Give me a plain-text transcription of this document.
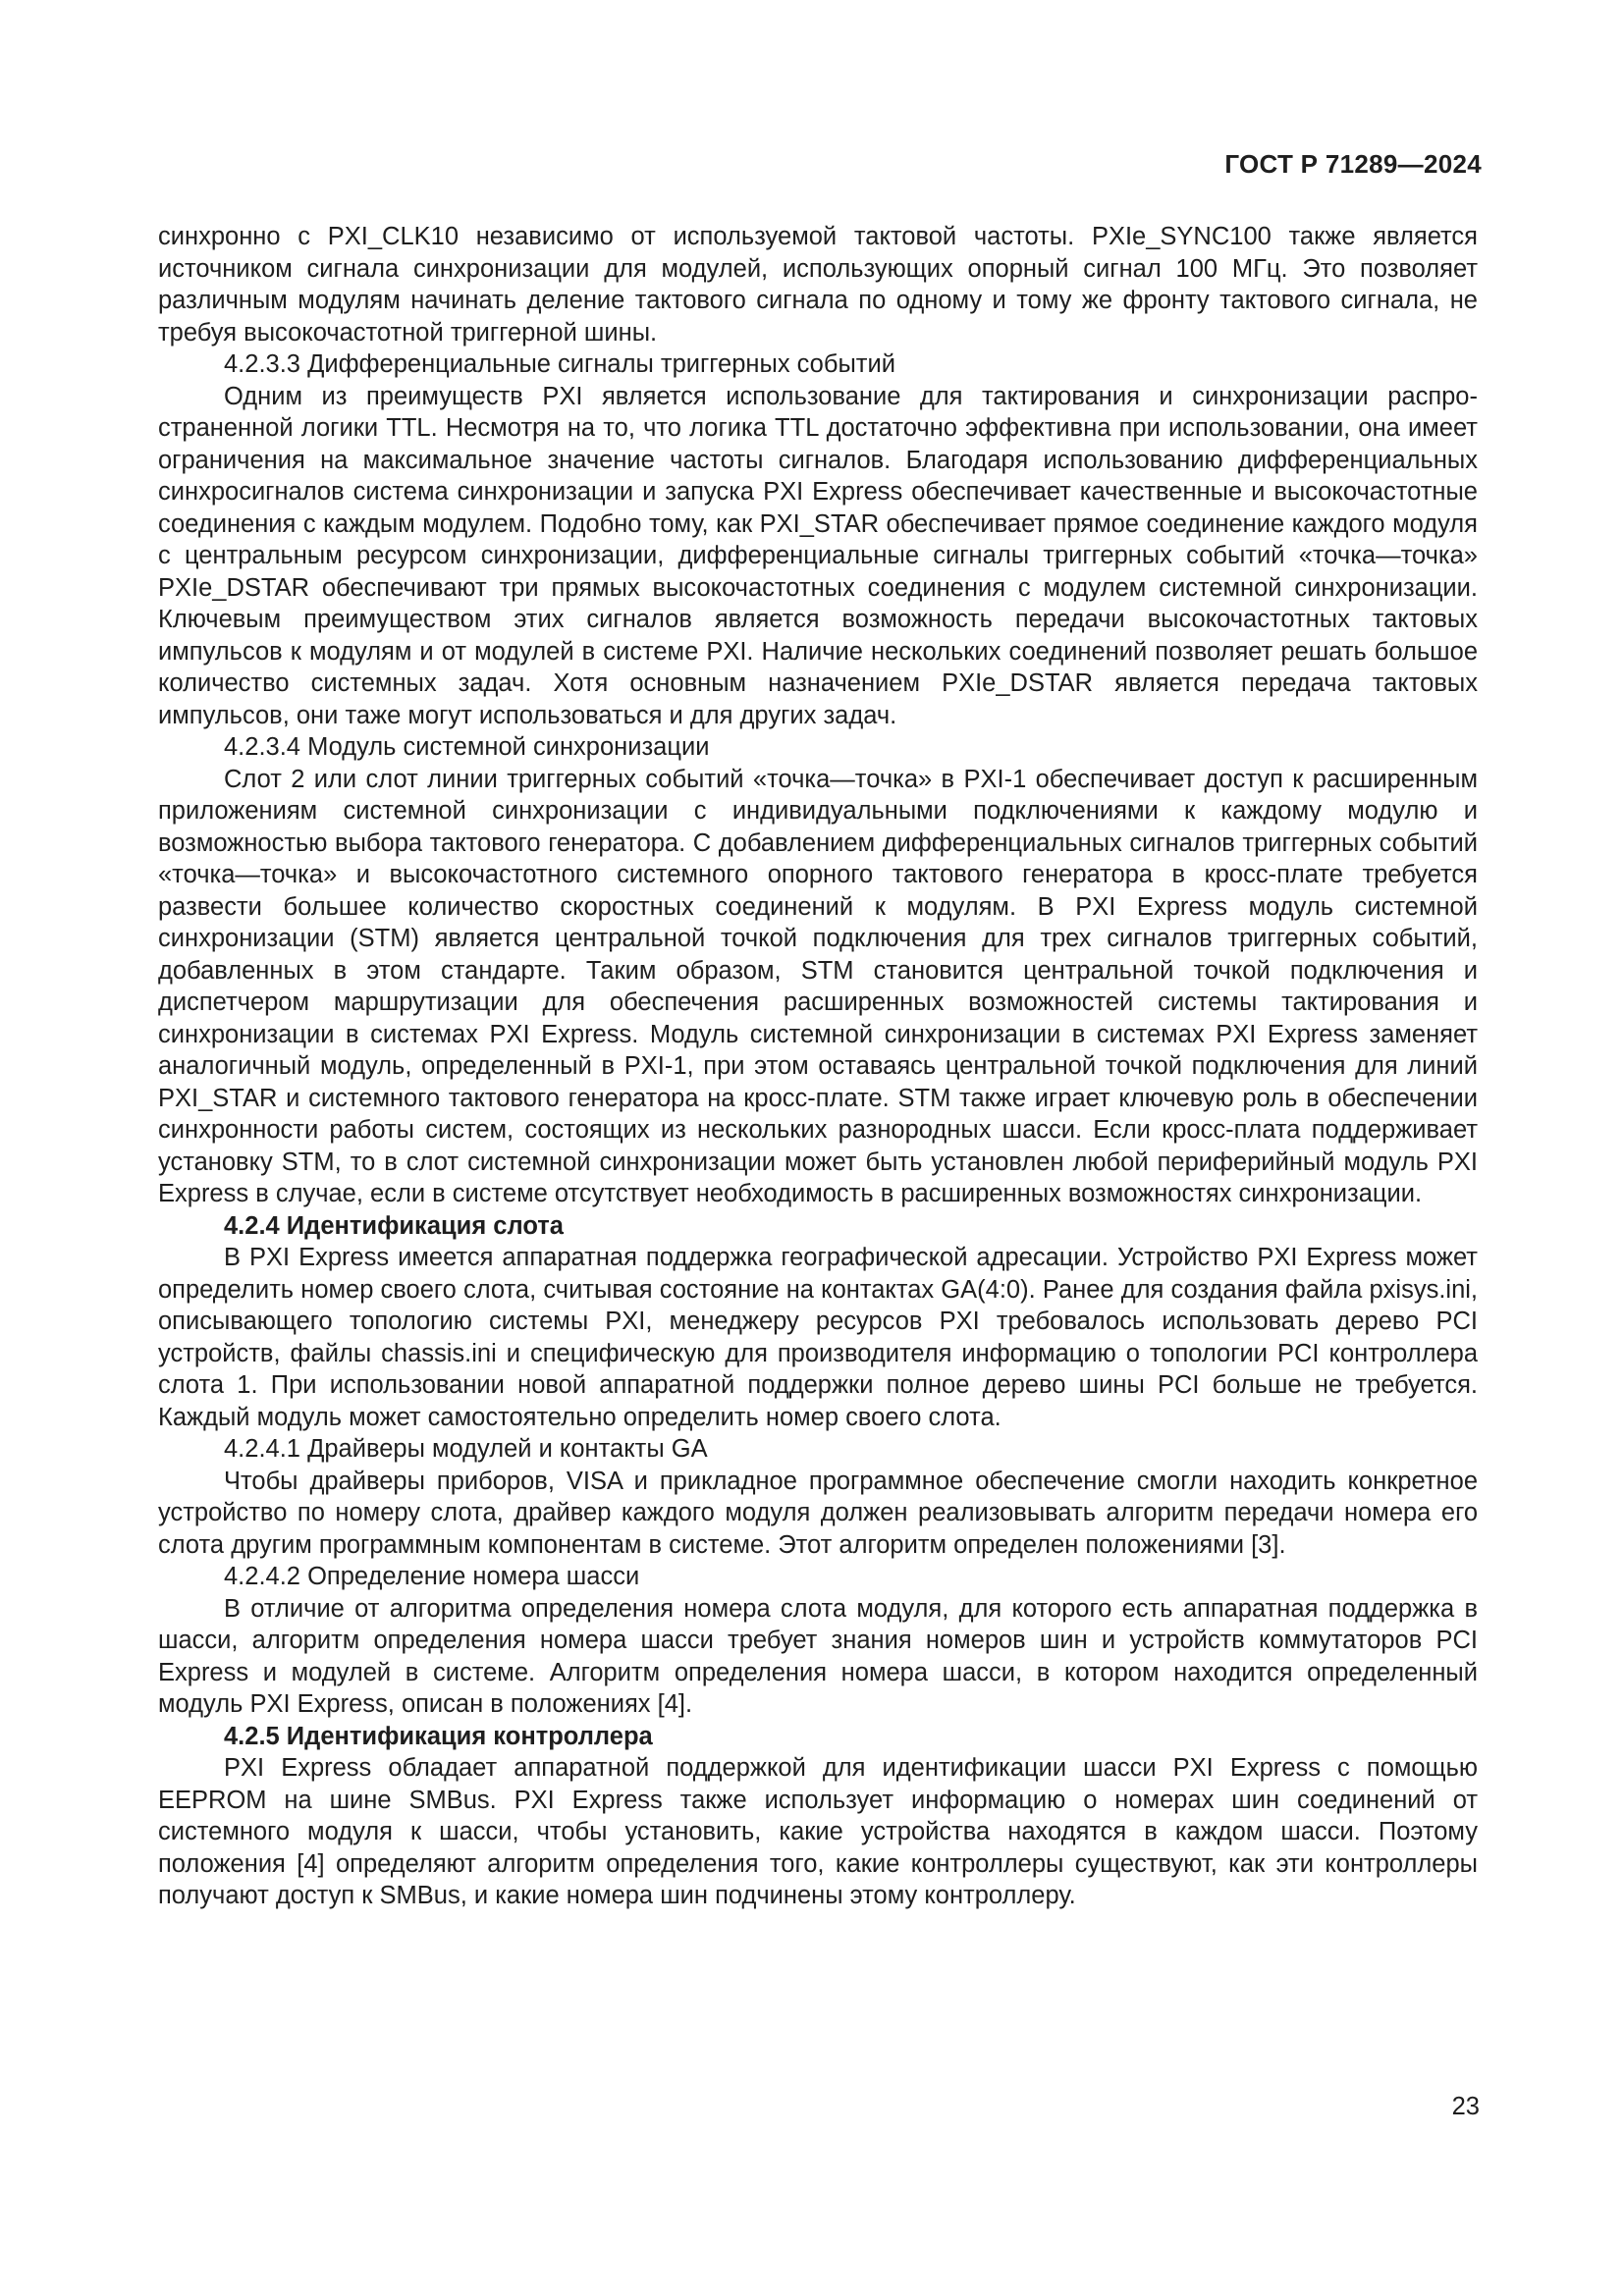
ГОСТ Р 71289—2024

синхронно с PXI_CLK10 независимо от используемой тактовой частоты. PXIe_SYNC100 также является источником сигнала синхронизации для модулей, использующих опорный сигнал 100 МГц. Это позволяет различным модулям начинать деление тактового сигнала по одному и тому же фронту тактового сигнала, не требуя высокочастотной триггерной шины.

4.2.3.3 Дифференциальные сигналы триггерных событий

Одним из преимуществ PXI является использование для тактирования и синхронизации распространенной логики TTL. Несмотря на то, что логика TTL достаточно эффективна при использовании, она имеет ограничения на максимальное значение частоты сигналов. Благодаря использованию дифференциальных синхросигналов система синхронизации и запуска PXI Express обеспечивает качественные и высокочастотные соединения с каждым модулем. Подобно тому, как PXI_STAR обеспечивает прямое соединение каждого модуля с центральным ресурсом синхронизации, дифференциальные сигналы триггерных событий «точка—точка» PXIe_DSTAR обеспечивают три прямых высокочастотных соединения с модулем системной синхронизации. Ключевым преимуществом этих сигналов является возможность передачи высокочастотных тактовых импульсов к модулям и от модулей в системе PXI. Наличие нескольких соединений позволяет решать большое количество системных задач. Хотя основным назначением PXIe_DSTAR является передача тактовых импульсов, они таже могут использоваться и для других задач.

4.2.3.4 Модуль системной синхронизации

Слот 2 или слот линии триггерных событий «точка—точка» в PXI-1 обеспечивает доступ к расширенным приложениям системной синхронизации с индивидуальными подключениями к каждому модулю и возможностью выбора тактового генератора. С добавлением дифференциальных сигналов триггерных событий «точка—точка» и высокочастотного системного опорного тактового генератора в кросс-плате требуется развести большее количество скоростных соединений к модулям. В PXI Express модуль системной синхронизации (STM) является центральной точкой подключения для трех сигналов триггерных событий, добавленных в этом стандарте. Таким образом, STM становится центральной точкой подключения и диспетчером маршрутизации для обеспечения расширенных возможностей системы тактирования и синхронизации в системах PXI Express. Модуль системной синхронизации в системах PXI Express заменяет аналогичный модуль, определенный в PXI-1, при этом оставаясь центральной точкой подключения для линий PXI_STAR и системного тактового генератора на кросс-плате. STM также играет ключевую роль в обеспечении синхронности работы систем, состоящих из нескольких разнородных шасси. Если кросс-плата поддерживает установку STM, то в слот системной синхронизации может быть установлен любой периферийный модуль PXI Express в случае, если в системе отсутствует необходимость в расширенных возможностях синхронизации.

4.2.4 Идентификация слота

В PXI Express имеется аппаратная поддержка географической адресации. Устройство PXI Express может определить номер своего слота, считывая состояние на контактах GA(4:0). Ранее для создания файла pxisys.ini, описывающего топологию системы PXI, менеджеру ресурсов PXI требовалось использовать дерево PCI устройств, файлы chassis.ini и специфическую для производителя информацию о топологии PCI контроллера слота 1. При использовании новой аппаратной поддержки полное дерево шины PCI больше не требуется. Каждый модуль может самостоятельно определить номер своего слота.

4.2.4.1 Драйверы модулей и контакты GA

Чтобы драйверы приборов, VISA и прикладное программное обеспечение смогли находить конкретное устройство по номеру слота, драйвер каждого модуля должен реализовывать алгоритм передачи номера его слота другим программным компонентам в системе. Этот алгоритм определен положениями [3].

4.2.4.2 Определение номера шасси

В отличие от алгоритма определения номера слота модуля, для которого есть аппаратная поддержка в шасси, алгоритм определения номера шасси требует знания номеров шин и устройств коммутаторов PCI Express и модулей в системе. Алгоритм определения номера шасси, в котором находится определенный модуль PXI Express, описан в положениях [4].

4.2.5 Идентификация контроллера

PXI Express обладает аппаратной поддержкой для идентификации шасси PXI Express с помощью EEPROM на шине SMBus. PXI Express также использует информацию о номерах шин соединений от системного модуля к шасси, чтобы установить, какие устройства находятся в каждом шасси. Поэтому положения [4] определяют алгоритм определения того, какие контроллеры существуют, как эти контроллеры получают доступ к SMBus, и какие номера шин подчинены этому контроллеру.

23
